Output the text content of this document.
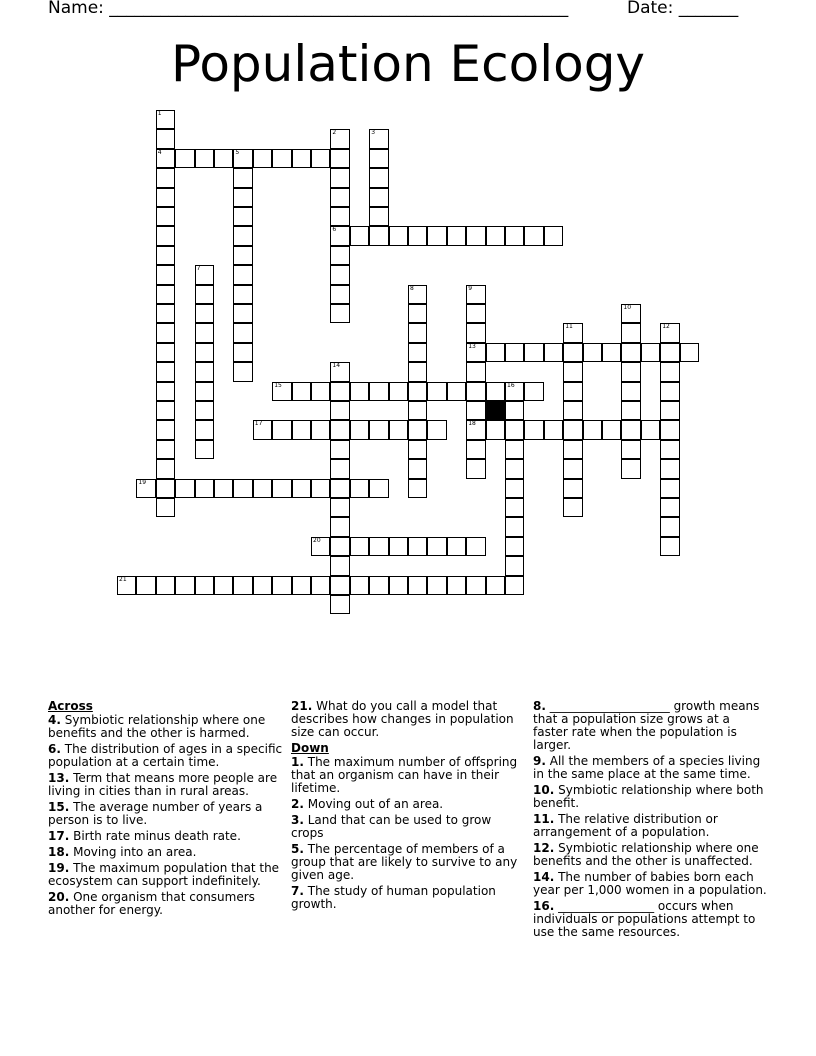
Name: ______________________________________________________	Date: _______
Population Ecology
1
4
2
6
3
5
7
8	9
13
18
10
11	12
14
15	16
17
19
20
21
Across
4. Symbiotic relationship where one benefits and the other is harmed.
6. The distribution of ages in a specific population at a certain time.
13. Term that means more people are living in cities than in rural areas.
15. The average number of years a person is to live.
17. Birth rate minus death rate.
18. Moving into an area.
19. The maximum population that the ecosystem can support indefinitely.
20. One organism that consumers another for energy.
21. What do you call a model that describes how changes in population size can occur.
Down
1. The maximum number of offspring that an organism can have in their lifetime.
2. Moving out of an area.
3. Land that can be used to grow crops
5. The percentage of members of a group that are likely to survive to any given age.
7. The study of human population growth.
8. ____________________ growth means that a population size grows at a faster rate when the population is larger.
9. All the members of a species living in the same place at the same time.
10. Symbiotic relationship where both benefit.
11. The relative distribution or arrangement of a population.
12. Symbiotic relationship where one benefits and the other is unaffected.
14. The number of babies born each year per 1,000 women in a population.
16. ________________ occurs when individuals or populations attempt to use the same resources.
